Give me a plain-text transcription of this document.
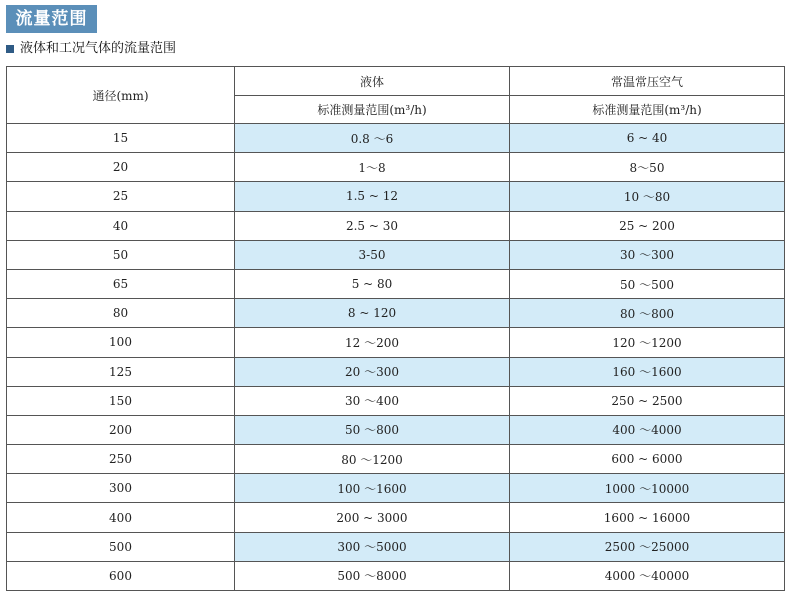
流量范围
液体和工况气体的流量范围
通径(mm)	液体	常温常压空气
	标准测量范围(m³/h)	标准测量范围(m³/h)
15	0.8 ～6	6 ~ 40
20	1～8	8～50
25	1.5 ~ 12	10 ～80
40	2.5 ~ 30	25 ~ 200
50	3-50	30 ～300
65	5 ~ 80	50 ～500
80	8 ~ 120	80 ～800
100	12 ～200	120 ～1200
125	20 ～300	160 ～1600
150	30 ～400	250 ~ 2500
200	50 ～800	400 ～4000
250	80 ～1200	600 ~ 6000
300	100 ～1600	1000 ～10000
400	200 ~ 3000	1600 ~ 16000
500	300 ～5000	2500 ～25000
600	500 ～8000	4000 ～40000
